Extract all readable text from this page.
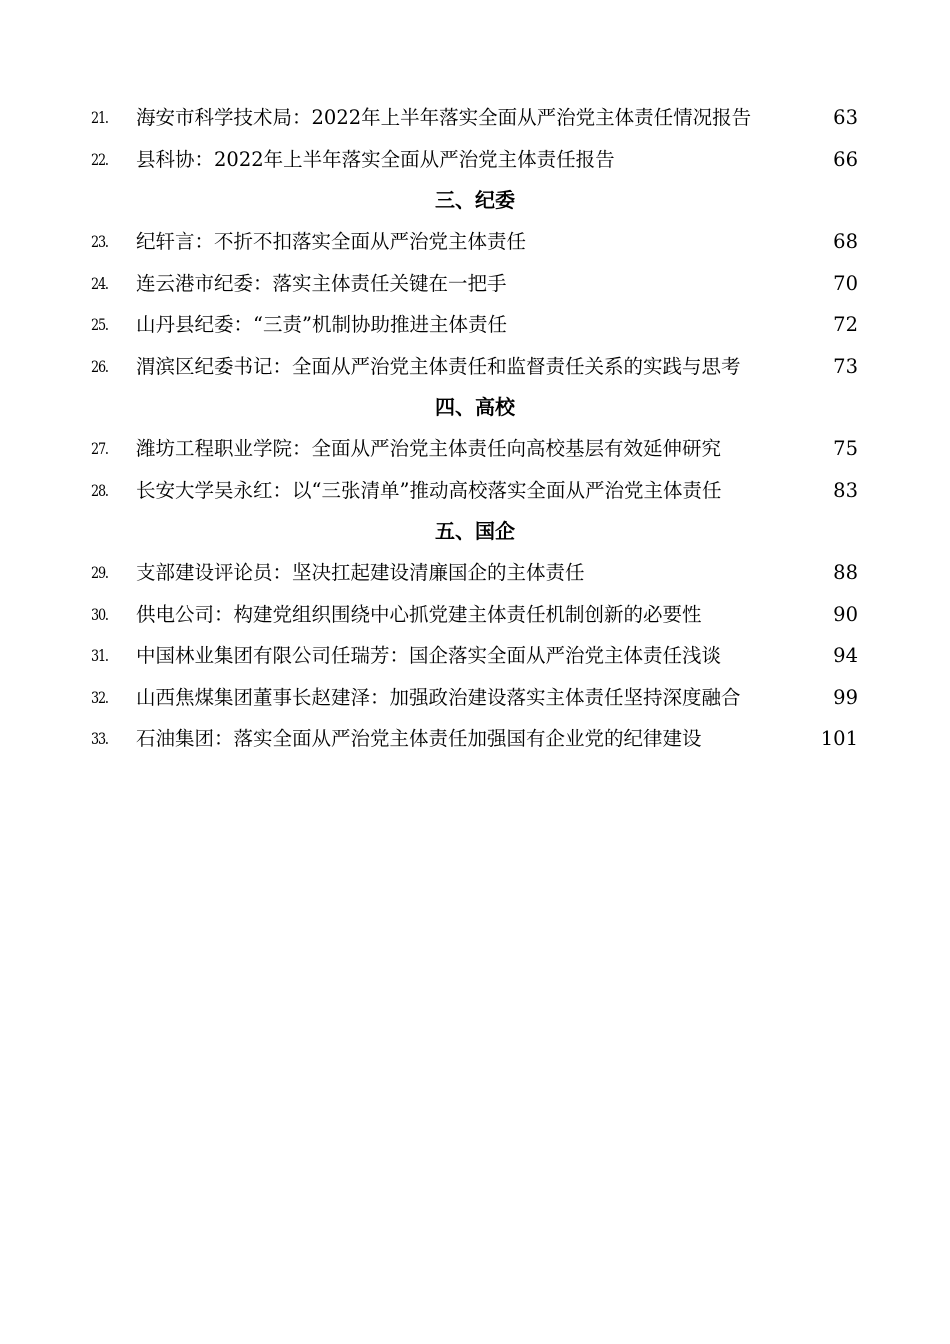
21. 海安市科学技术局：2022年上半年落实全面从严治党主体责任情况报告	63
22. 县科协：2022年上半年落实全面从严治党主体责任报告	66
三、纪委
23. 纪轩言：不折不扣落实全面从严治党主体责任	68
24. 连云港市纪委：落实主体责任关键在一把手	70
25. 山丹县纪委：“三责”机制协助推进主体责任	72
26. 渭滨区纪委书记：全面从严治党主体责任和监督责任关系的实践与思考	73
四、高校
27. 潍坊工程职业学院：全面从严治党主体责任向高校基层有效延伸研究	75
28. 长安大学吴永红：以“三张清单”推动高校落实全面从严治党主体责任	83
五、国企
29. 支部建设评论员：坚决扛起建设清廉国企的主体责任	88
30. 供电公司：构建党组织围绕中心抓党建主体责任机制创新的必要性	90
31. 中国林业集团有限公司任瑞芳：国企落实全面从严治党主体责任浅谈	94
32. 山西焦煤集团董事长赵建泽：加强政治建设落实主体责任坚持深度融合	99
33. 石油集团：落实全面从严治党主体责任加强国有企业党的纪律建设	101
